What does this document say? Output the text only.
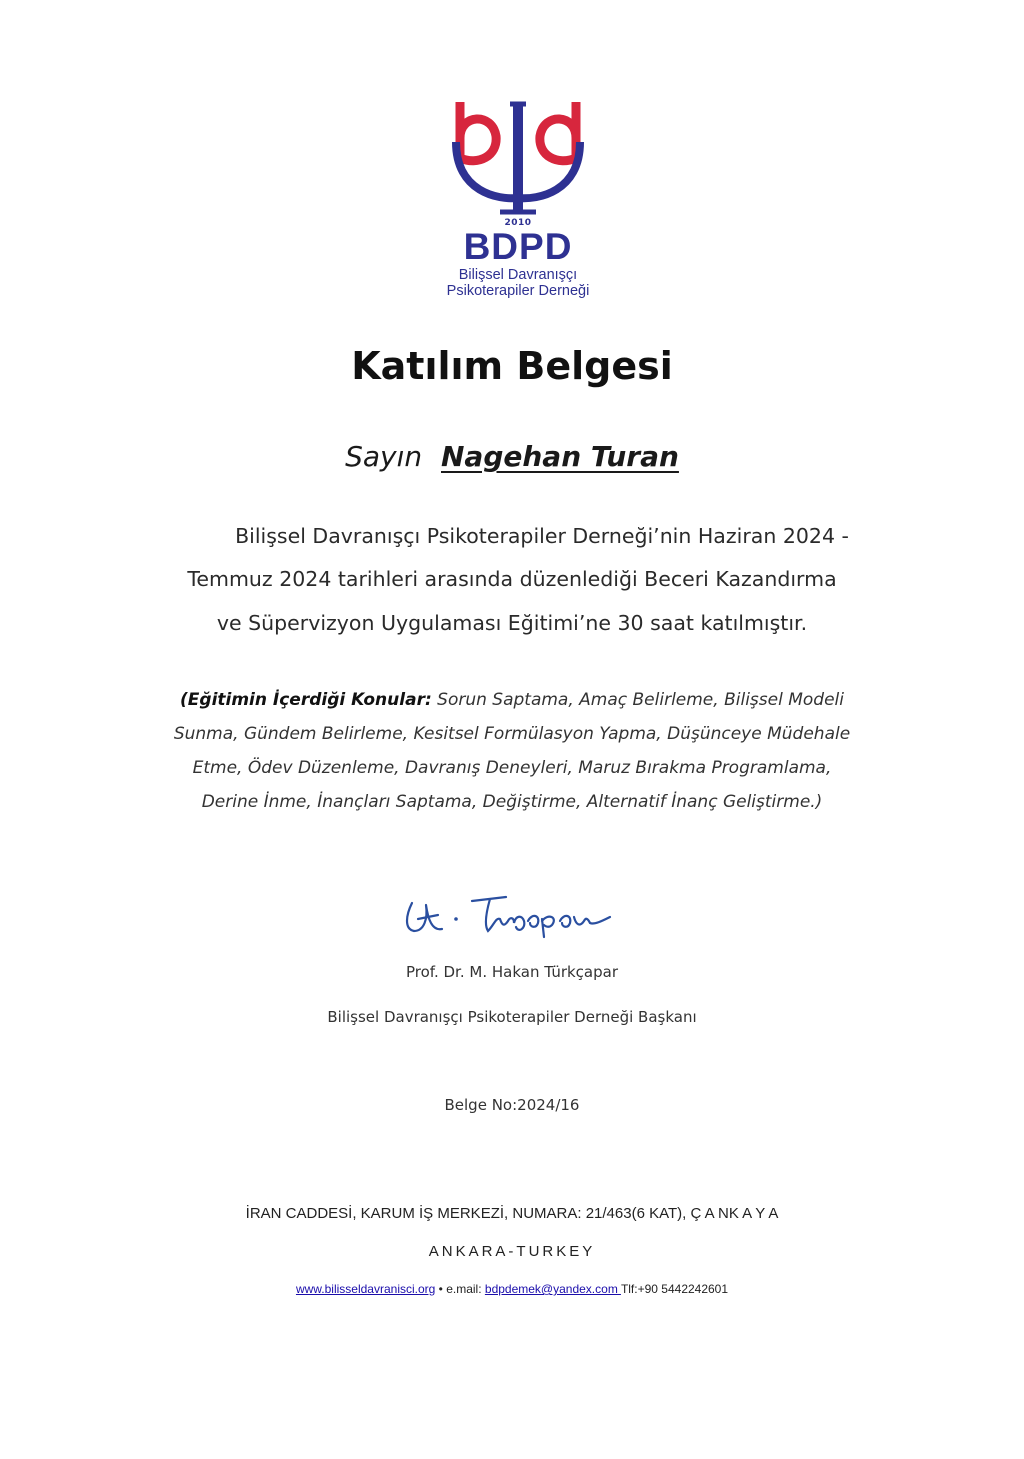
2010
BDPD
Bilişsel Davranışçı
Psikoterapiler Derneği
Katılım Belgesi
Sayın Nagehan Turan
Bilişsel Davranışçı Psikoterapiler Derneği’nin Haziran 2024 -
Temmuz 2024 tarihleri arasında düzenlediği Beceri Kazandırma
ve Süpervizyon Uygulaması Eğitimi’ne 30 saat katılmıştır.
(Eğitimin İçerdiği Konular: Sorun Saptama, Amaç Belirleme, Bilişsel Modeli
Sunma, Gündem Belirleme, Kesitsel Formülasyon Yapma, Düşünceye Müdehale
Etme, Ödev Düzenleme, Davranış Deneyleri, Maruz Bırakma Programlama,
Derine İnme, İnançları Saptama, Değiştirme, Alternatif İnanç Geliştirme.)
Prof. Dr. M. Hakan Türkçapar
Bilişsel Davranışçı Psikoterapiler Derneği Başkanı
Belge No:2024/16
İRAN CADDESİ, KARUM İŞ MERKEZİ, NUMARA: 21/463(6 KAT), Ç A NK A Y A
ANKARA-TURKEY
www.bilisseldavranisci.org • e.mail: bdpdemek@yandex.com Tlf:+90 5442242601
